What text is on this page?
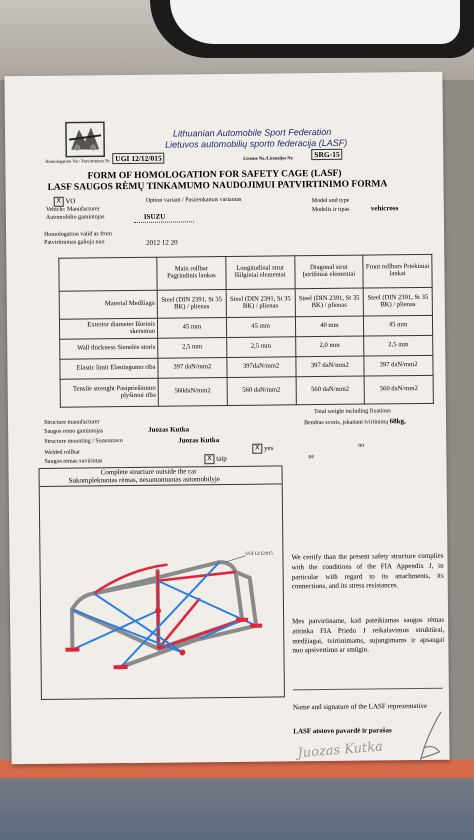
Lithuanian Automobile Sport Federation
Lietuvos automobilių sporto federacija (LASF)
Homologation No / Patvirtinimo Nr. UGI 12/12/015	License No./Licenzijos Nr.	SRG-15
FORM OF HOMOLOGATION FOR SAFETY CAGE (LASF)
LASF SAUGOS RĖMŲ TINKAMUMO NAUDOJIMUI PATVIRTINIMO FORMA
X VO	Option variant / Pasirenkamas variantas
Vehicle: Manufacturer
Automobilio gamintojas	ISUZU
Model and type
Modelis ir tipas	vehicross
Homologation valid as from
Patvirtinimas galioja nuo	2012 12 20
	Main rollbar Pagrindinis lankas	Longitudinal strut Išilginiai elementai	Diagonal strut Įstrižiniai elementai	Front rollbars Priekiniai lankai
Material Medžiaga	Steel (DIN 2391, St 35 BK) / plienas	Steel (DIN 2391, St 35 BK) / plienas	Steel (DIN 2391, St 35 BK) / plienas	Steel (DIN 2391, St 35 BK) / plienas
Exterior diameter Išorinis skersmuo	45 mm	45 mm	40 mm	45 mm
Wall thickness Sienelės storis	2,5 mm	2,5 mm	2,0 mm	2,5 mm
Elastic limit Elastingumo riba	397 daN/mm2	397daN/mm2	397 daN/mm2	397 daN/mm2
Tensile strenght Pasipriešinimo plyšimui riba	560daN/mm2	560 daN/mm2	560 daN/mm2	560 daN/mm2
Structure manufacturer
Saugos rėmo gamintojas	Juozas Kutka
Structure mounting / Sumontavo	Juozas Kutka
Welded rollbar
Saugos rėmas suvirintas	X taip
X yes
Total weight including fixations
Bendras svoris, įskaitant tvirtinimą 68kg,
no
ne
Complete structure outside the car
Sukomplektuotas rėmas, nesumontuotas automobilyje
UGI 12/12/015	We certify than the present safety structure complies with the conditions of the FIA Appendix J, in particular with regard to its attachments, its connections, and its stress resistances.
Mes patvirtiname, kad pateikiamas saugos rėmas atitinka FIA Priedo J reikalavimus struktūrai, medžiagai, tvirtinimams, sujungimams ir apsaugai nuo apsivertimo ar smūgio.
Name and signature of the LASF reprezentative
LASF atstovo pavardė ir parašas
Juozas Kutka
